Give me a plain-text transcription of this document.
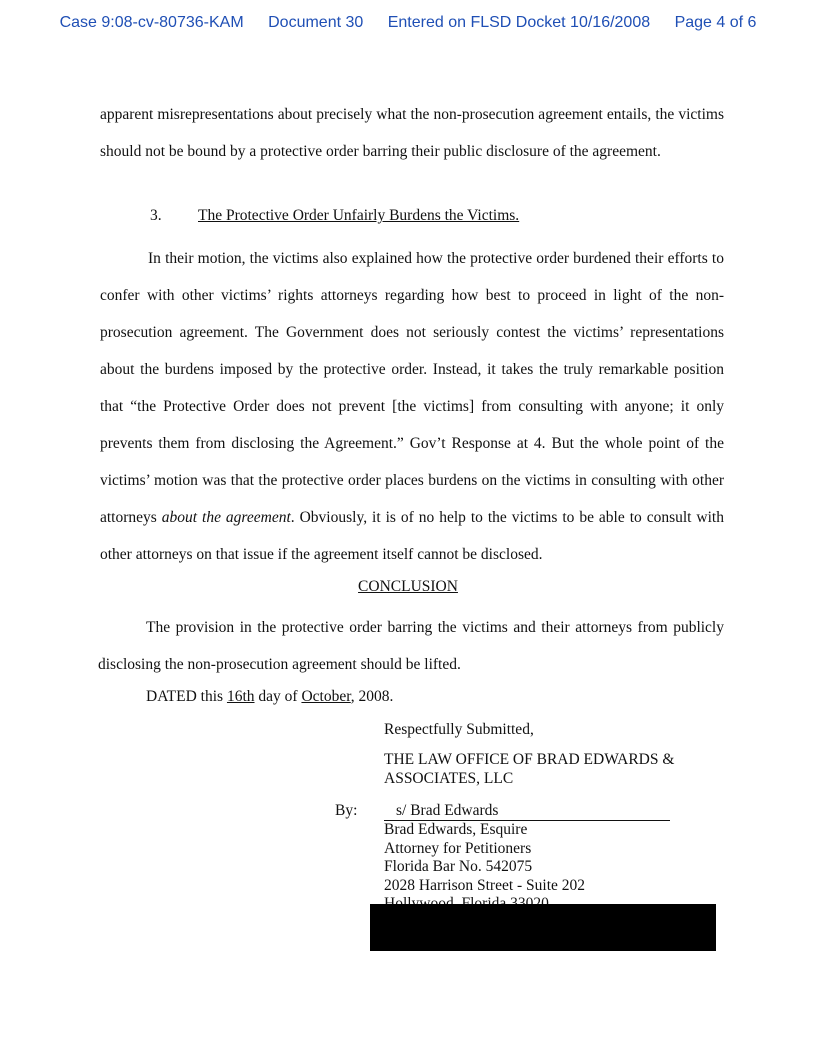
Case 9:08-cv-80736-KAM Document 30 Entered on FLSD Docket 10/16/2008 Page 4 of 6
apparent misrepresentations about precisely what the non-prosecution agreement entails, the victims should not be bound by a protective order barring their public disclosure of the agreement.
3. The Protective Order Unfairly Burdens the Victims.
In their motion, the victims also explained how the protective order burdened their efforts to confer with other victims’ rights attorneys regarding how best to proceed in light of the non-prosecution agreement. The Government does not seriously contest the victims’ representations about the burdens imposed by the protective order. Instead, it takes the truly remarkable position that “the Protective Order does not prevent [the victims] from consulting with anyone; it only prevents them from disclosing the Agreement.” Gov’t Response at 4. But the whole point of the victims’ motion was that the protective order places burdens on the victims in consulting with other attorneys about the agreement. Obviously, it is of no help to the victims to be able to consult with other attorneys on that issue if the agreement itself cannot be disclosed.
CONCLUSION
The provision in the protective order barring the victims and their attorneys from publicly disclosing the non-prosecution agreement should be lifted.
DATED this 16th day of October, 2008.
Respectfully Submitted,
THE LAW OFFICE OF BRAD EDWARDS &
ASSOCIATES, LLC
By:	s/ Brad Edwards
Brad Edwards, Esquire
Attorney for Petitioners
Florida Bar No. 542075
2028 Harrison Street - Suite 202
